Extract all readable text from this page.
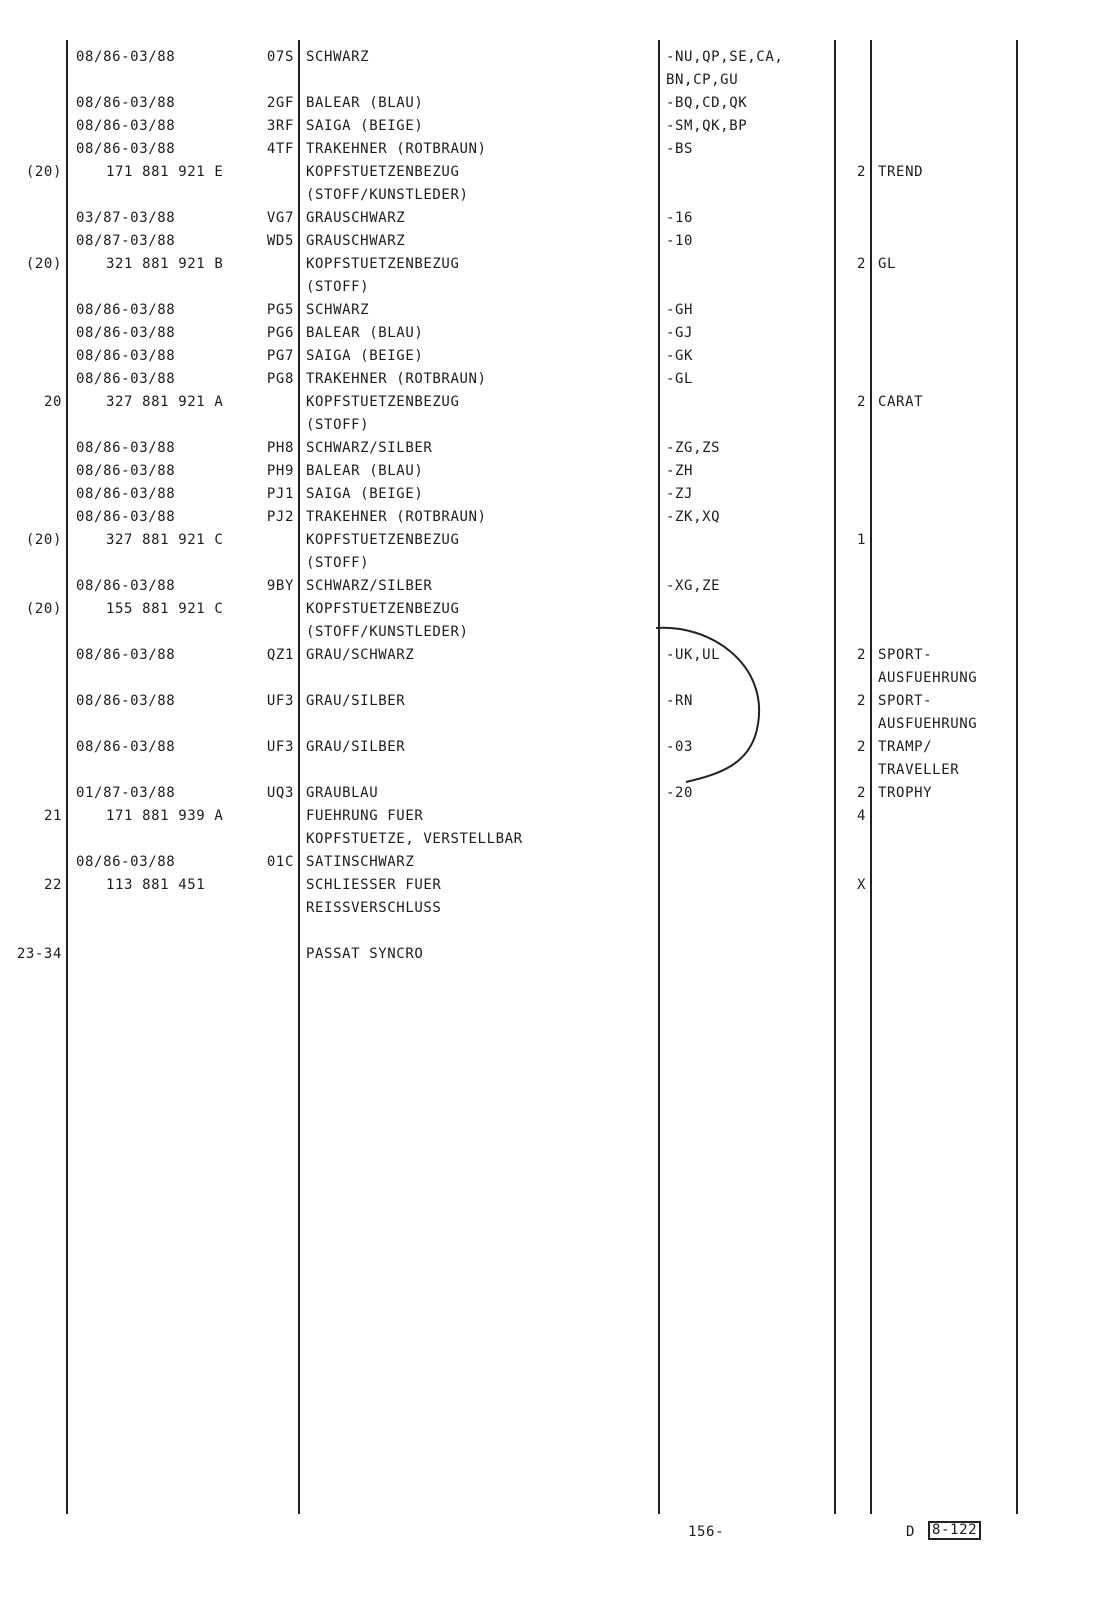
08/86-03/88	07S SCHWARZ	-NU,QP,SE,CA,
BN,CP,GU
08/86-03/88	2GF BALEAR (BLAU)	-BQ,CD,QK
08/86-03/88	3RF SAIGA (BEIGE)	-SM,QK,BP
08/86-03/88	4TF TRAKEHNER (ROTBRAUN)	-BS
(20)	171 881 921 E	KOPFSTUETZENBEZUG	2 TREND
(STOFF/KUNSTLEDER)
03/87-03/88	VG7 GRAUSCHWARZ	-16
08/87-03/88	WD5 GRAUSCHWARZ	-10
(20)	321 881 921 B	KOPFSTUETZENBEZUG	2 GL
(STOFF)
08/86-03/88	PG5 SCHWARZ	-GH
08/86-03/88	PG6 BALEAR (BLAU)	-GJ
08/86-03/88	PG7 SAIGA (BEIGE)	-GK
08/86-03/88	PG8 TRAKEHNER (ROTBRAUN)	-GL
20	327 881 921 A	KOPFSTUETZENBEZUG	2 CARAT
(STOFF)
08/86-03/88	PH8 SCHWARZ/SILBER	-ZG,ZS
08/86-03/88	PH9 BALEAR (BLAU)	-ZH
08/86-03/88	PJ1 SAIGA (BEIGE)	-ZJ
08/86-03/88	PJ2 TRAKEHNER (ROTBRAUN)	-ZK,XQ
(20)	327 881 921 C	KOPFSTUETZENBEZUG	1
(STOFF)
08/86-03/88	9BY SCHWARZ/SILBER	-XG,ZE
(20)	155 881 921 C	KOPFSTUETZENBEZUG
(STOFF/KUNSTLEDER)
08/86-03/88	QZ1 GRAU/SCHWARZ	-UK,UL	2 SPORT-
AUSFUEHRUNG
08/86-03/88	UF3 GRAU/SILBER	-RN	2 SPORT-
AUSFUEHRUNG
08/86-03/88	UF3 GRAU/SILBER	-03	2 TRAMP/
TRAVELLER
01/87-03/88	UQ3 GRAUBLAU	-20	2 TROPHY
21	171 881 939 A	FUEHRUNG FUER	4
KOPFSTUETZE, VERSTELLBAR
08/86-03/88	01C SATINSCHWARZ
22	113 881 451	SCHLIESSER FUER	X
REISSVERSCHLUSS
23-34	PASSAT SYNCRO
156-	D 8-122
